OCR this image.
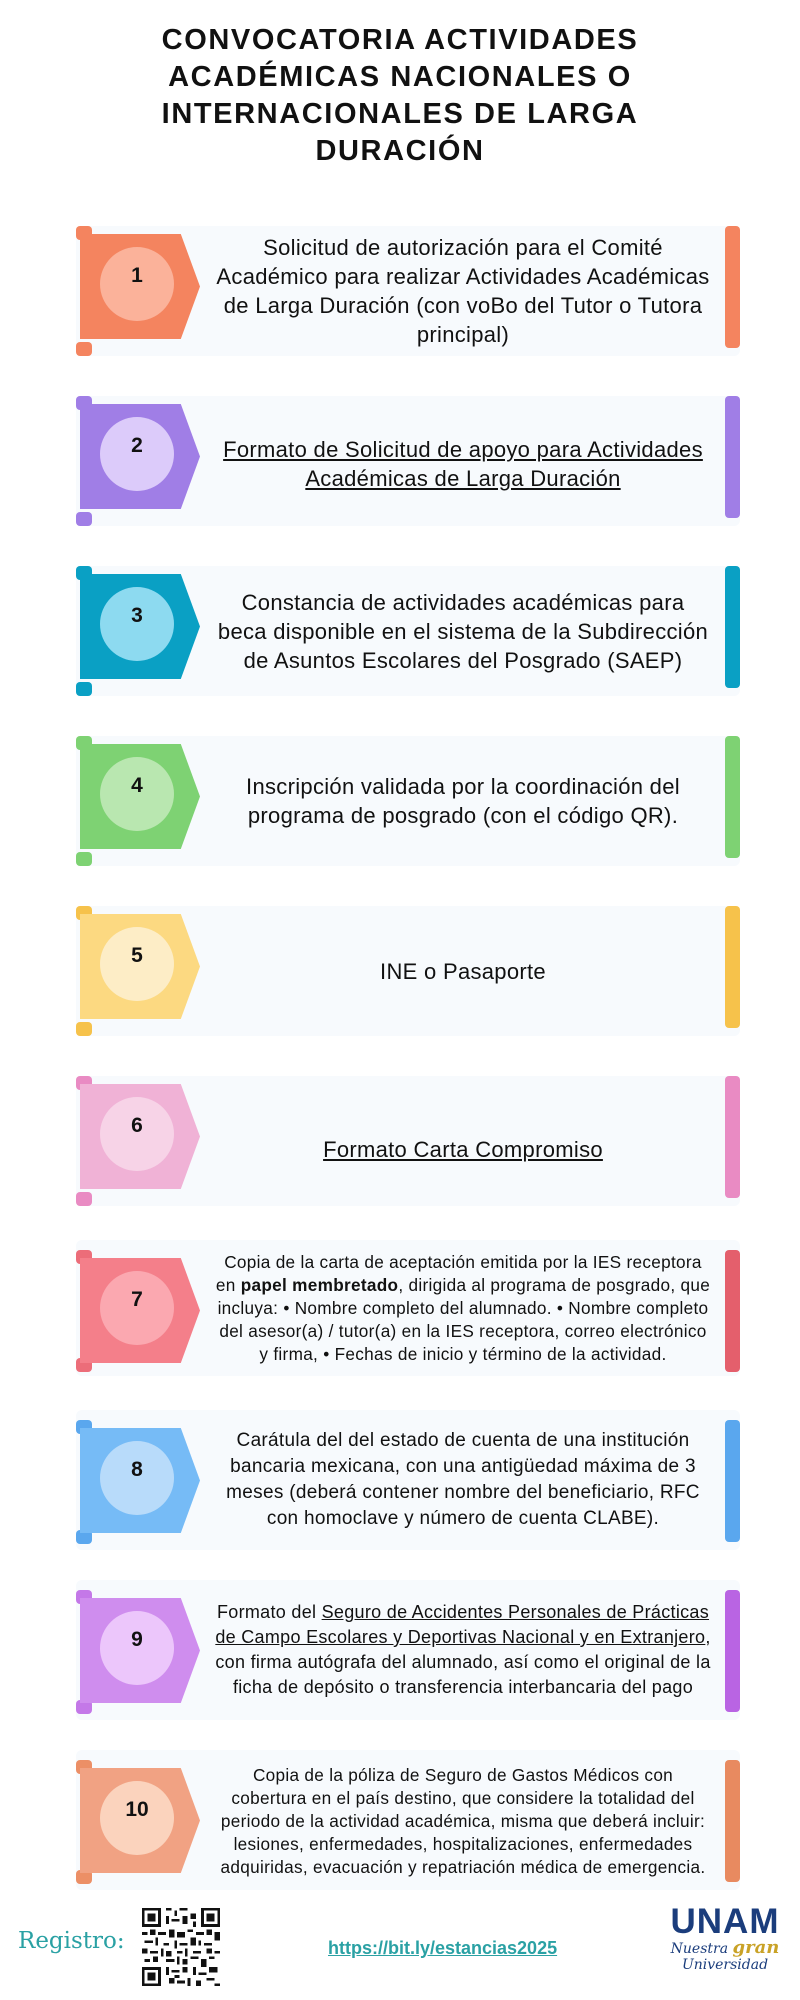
CONVOCATORIA ACTIVIDADES ACADÉMICAS NACIONALES O INTERNACIONALES DE LARGA DURACIÓN
1
Solicitud de autorización para el Comité Académico para realizar Actividades Académicas de Larga Duración (con voBo del Tutor o Tutora principal)
2	Formato de Solicitud de apoyo para Actividades Académicas de Larga Duración
3
Constancia de actividades académicas para beca disponible en el sistema de la Subdirección de Asuntos Escolares del Posgrado (SAEP)
4	Inscripción validada por la coordinación del programa de posgrado (con el código QR).
5
INE o Pasaporte
6
Formato Carta Compromiso
7
Copia de la carta de aceptación emitida por la IES receptora en papel membretado, dirigida al programa de posgrado, que incluya: • Nombre completo del alumnado. • Nombre completo del asesor(a) / tutor(a) en la IES receptora, correo electrónico y firma, • Fechas de inicio y término de la actividad.
8
Carátula del del estado de cuenta de una institución bancaria mexicana, con una antigüedad máxima de 3 meses (deberá contener nombre del beneficiario, RFC con homoclave y número de cuenta CLABE).
9
Formato del Seguro de Accidentes Personales de Prácticas de Campo Escolares y Deportivas Nacional y en Extranjero, con firma autógrafa del alumnado, así como el original de la ficha de depósito o transferencia interbancaria del pago
10
Copia de la póliza de Seguro de Gastos Médicos con cobertura en el país destino, que considere la totalidad del periodo de la actividad académica, misma que deberá incluir: lesiones, enfermedades, hospitalizaciones, enfermedades adquiridas, evacuación y repatriación médica de emergencia.
Registro:	https://bit.ly/estancias2025
UNAM
Nuestra gran
Universidad
